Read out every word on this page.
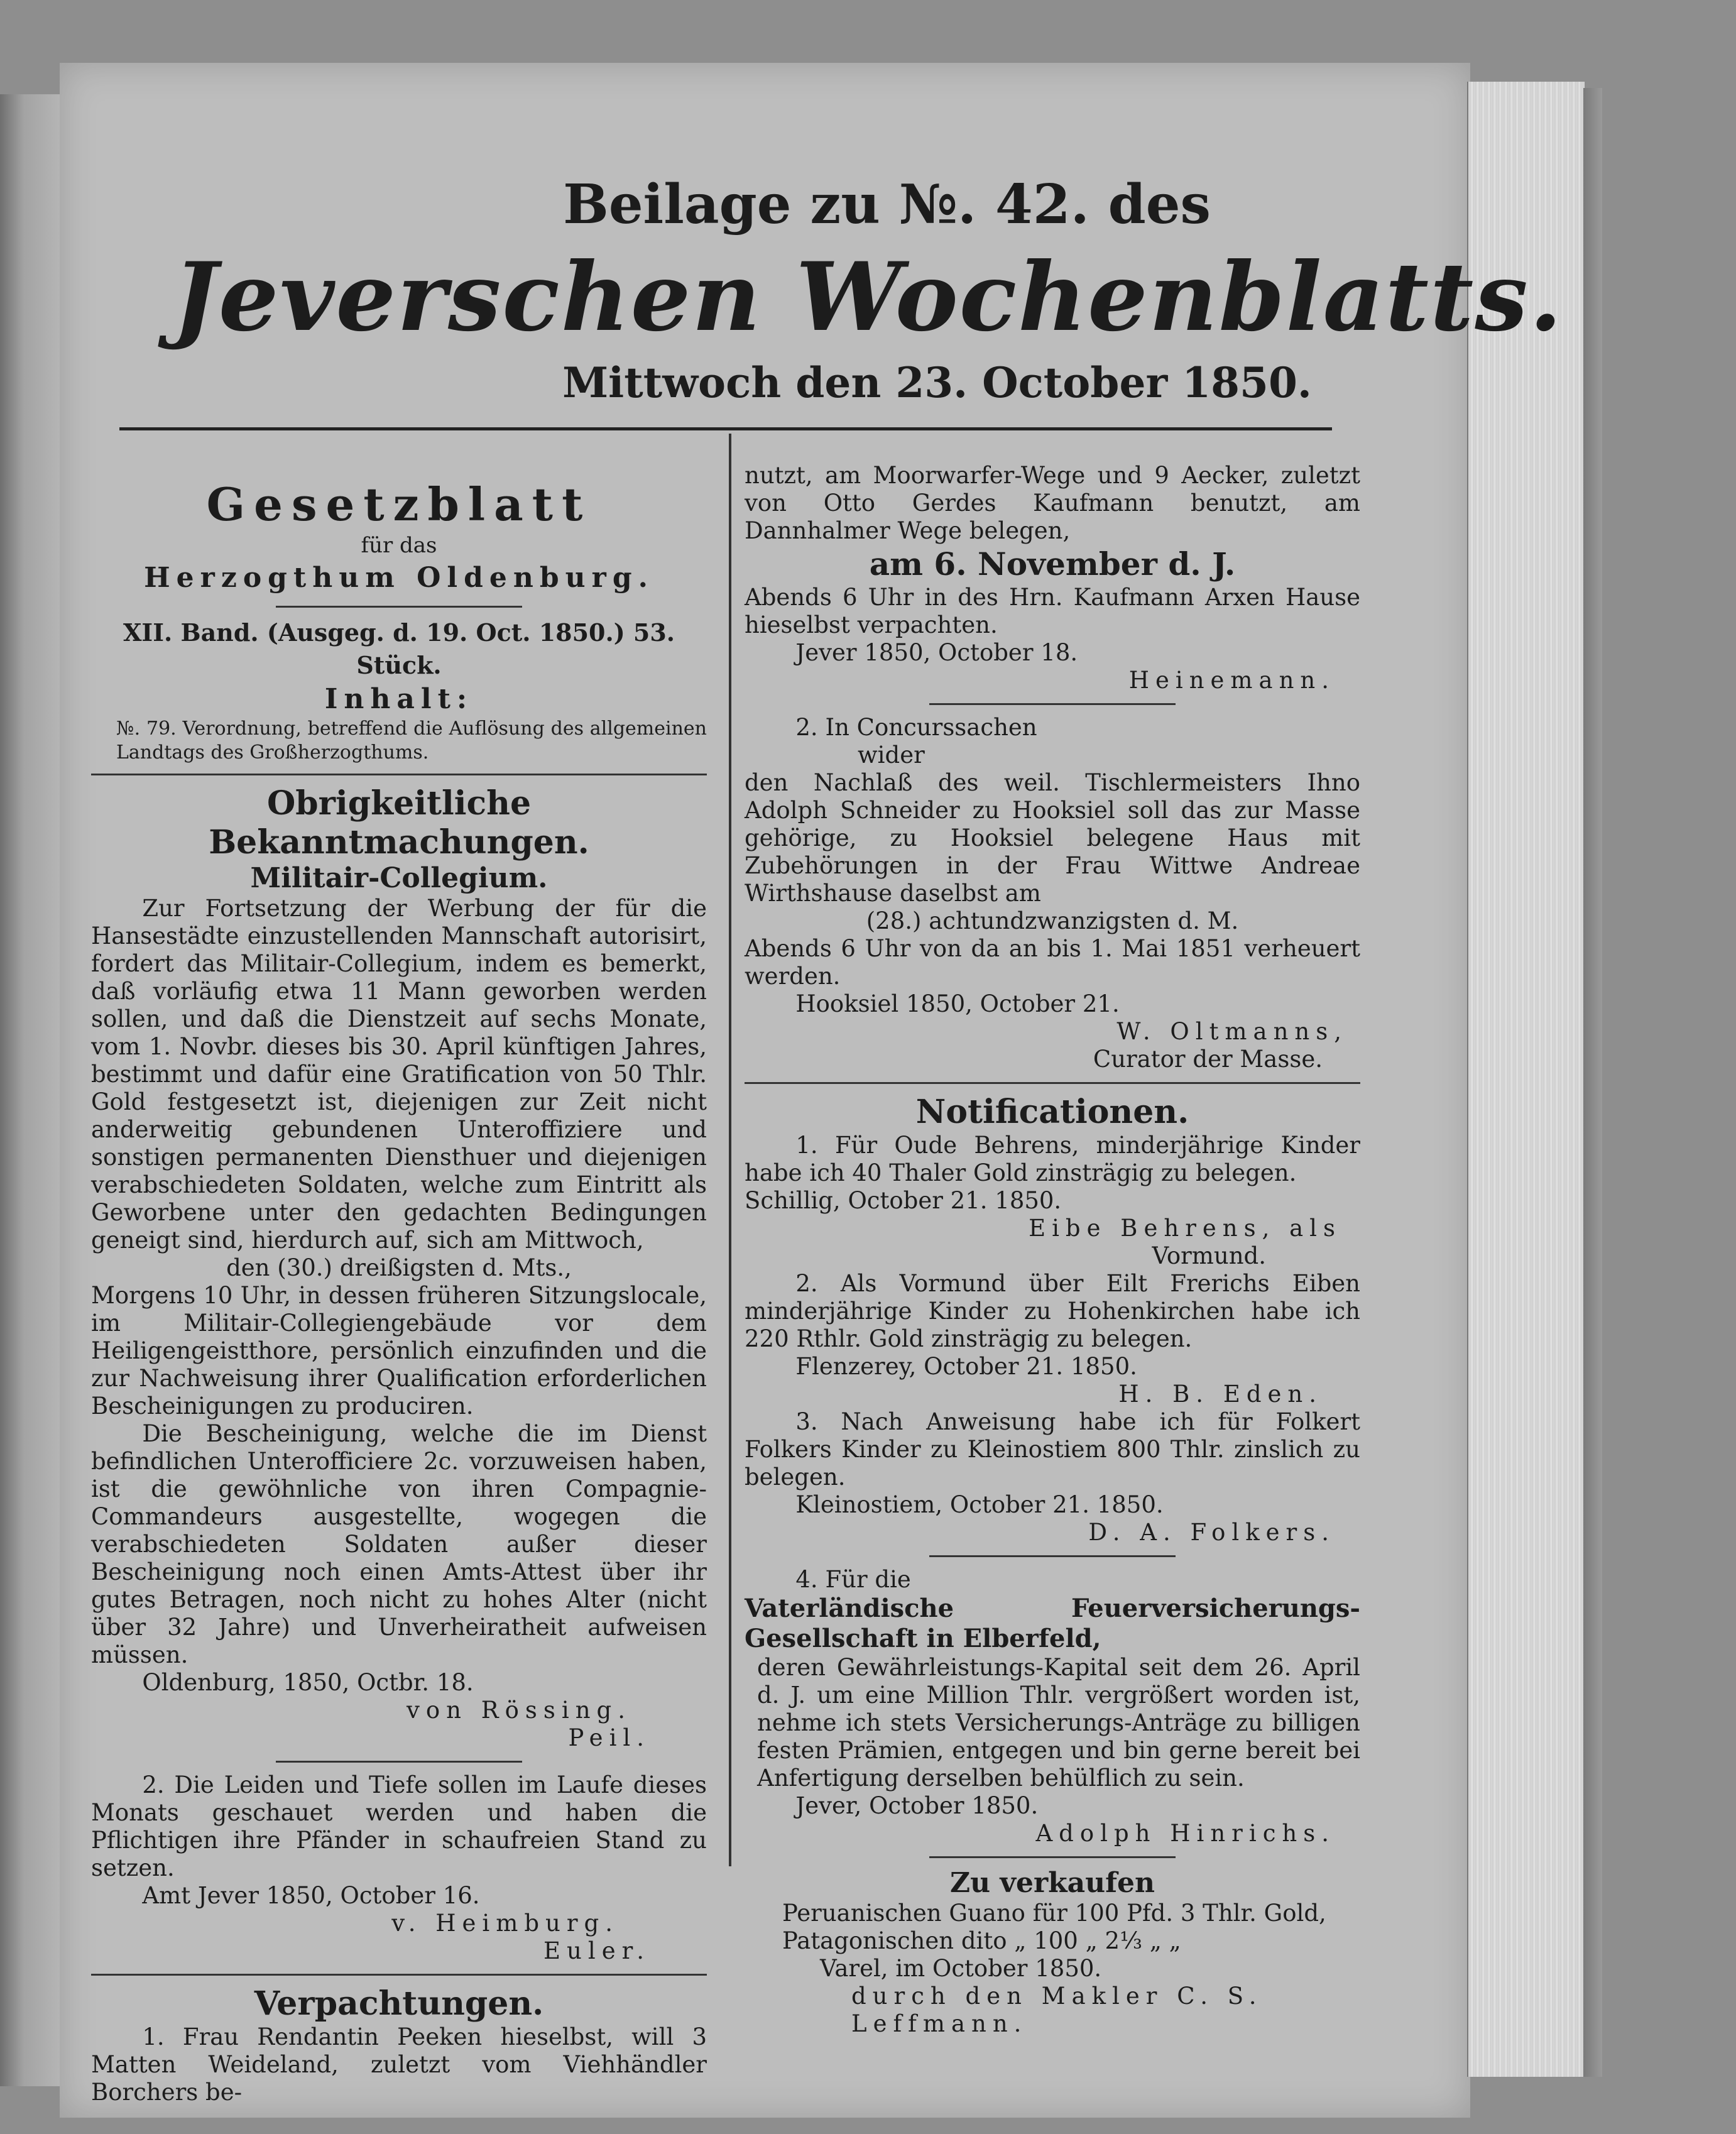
Beilage zu №. 42. des
Jeverschen Wochenblatts.
Mittwoch den 23. October 1850.

Gesetzblatt

für das

Herzogthum Oldenburg.

XII. Band. (Ausgeg. d. 19. Oct. 1850.) 53. Stück.

Inhalt:

№. 79. Verordnung, betreffend die Auflösung des allgemeinen Landtags des Großherzogthums.

Obrigkeitliche Bekanntmachungen.

Militair-Collegium.

Zur Fortsetzung der Werbung der für die Hansestädte einzustellenden Mannschaft autorisirt, fordert das Militair-Collegium, indem es bemerkt, daß vorläufig etwa 11 Mann geworben werden sollen, und daß die Dienstzeit auf sechs Monate, vom 1. Novbr. dieses bis 30. April künftigen Jahres, bestimmt und dafür eine Gratification von 50 Thlr. Gold festgesetzt ist, diejenigen zur Zeit nicht anderweitig gebundenen Unteroffiziere und sonstigen permanenten Diensthuer und diejenigen verabschiedeten Soldaten, welche zum Eintritt als Geworbene unter den gedachten Bedingungen geneigt sind, hierdurch auf, sich am Mittwoch,

den (30.) dreißigsten d. Mts.,

Morgens 10 Uhr, in dessen früheren Sitzungslocale, im Militair-Collegiengebäude vor dem Heiligengeistthore, persönlich einzufinden und die zur Nachweisung ihrer Qualification erforderlichen Bescheinigungen zu produciren.

Die Bescheinigung, welche die im Dienst befindlichen Unterofficiere 2c. vorzuweisen haben, ist die gewöhnliche von ihren Compagnie-Commandeurs ausgestellte, wogegen die verabschiedeten Soldaten außer dieser Bescheinigung noch einen Amts-Attest über ihr gutes Betragen, noch nicht zu hohes Alter (nicht über 32 Jahre) und Unverheiratheit aufweisen müssen.

Oldenburg, 1850, Octbr. 18.

von Rössing.

Peil.

2. Die Leiden und Tiefe sollen im Laufe dieses Monats geschauet werden und haben die Pflichtigen ihre Pfänder in schaufreien Stand zu setzen.

Amt Jever 1850, October 16.

v. Heimburg.

Euler.

Verpachtungen.

1. Frau Rendantin Peeken hieselbst, will 3 Matten Weideland, zuletzt vom Viehhändler Borchers be-

nutzt, am Moorwarfer-Wege und 9 Aecker, zuletzt von Otto Gerdes Kaufmann benutzt, am Dannhalmer Wege belegen,

am 6. November d. J.

Abends 6 Uhr in des Hrn. Kaufmann Arxen Hause hieselbst verpachten.

Jever 1850, October 18.

Heinemann.

2. In Concurssachen

wider

den Nachlaß des weil. Tischlermeisters Ihno Adolph Schneider zu Hooksiel soll das zur Masse gehörige, zu Hooksiel belegene Haus mit Zubehörungen in der Frau Wittwe Andreae Wirthshause daselbst am

(28.) achtundzwanzigsten d. M.

Abends 6 Uhr von da an bis 1. Mai 1851 verheuert werden.

Hooksiel 1850, October 21.

W. Oltmanns,

Curator der Masse.

Notificationen.

1. Für Oude Behrens, minderjährige Kinder habe ich 40 Thaler Gold zinsträgig zu belegen.

Schillig, October 21. 1850.

Eibe Behrens, als

Vormund.

2. Als Vormund über Eilt Frerichs Eiben minderjährige Kinder zu Hohenkirchen habe ich 220 Rthlr. Gold zinsträgig zu belegen.

Flenzerey, October 21. 1850.

H. B. Eden.

3. Nach Anweisung habe ich für Folkert Folkers Kinder zu Kleinostiem 800 Thlr. zinslich zu belegen.

Kleinostiem, October 21. 1850.

D. A. Folkers.

4. Für die

Vaterländische Feuerversicherungs-Gesellschaft in Elberfeld,

deren Gewährleistungs-Kapital seit dem 26. April d. J. um eine Million Thlr. vergrößert worden ist, nehme ich stets Versicherungs-Anträge zu billigen festen Prämien, entgegen und bin gerne bereit bei Anfertigung derselben behülflich zu sein.

Jever, October 1850.

Adolph Hinrichs.

Zu verkaufen

Peruanischen Guano für 100 Pfd. 3 Thlr. Gold,

Patagonischen dito „ 100 „ 2⅓ „ „

Varel, im October 1850.

durch den Makler C. S. Leffmann.
